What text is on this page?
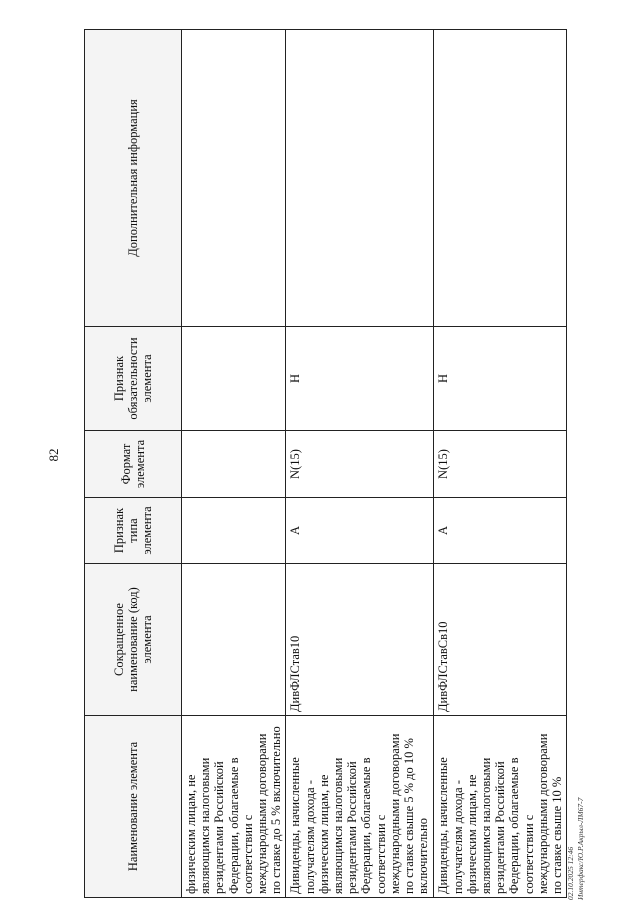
82
Наименование элемента	Сокращенное наименование (код) элемента	Признак типа элемента	Формат элемента	Признак обязательности элемента	Дополнительная информация
физическим лицам, не являющимся налоговыми резидентами Российской Федерации, облагаемые в соответствии с международными договорами по ставке до 5 % включительно					
Дивиденды, начисленные получателям дохода - физическим лицам, не являющимся налоговыми резидентами Российской Федерации, облагаемые в соответствии с международными договорами по ставке свыше 5 % до 10 % включительно	ДивФЛСтав10	А	N(15)	Н	
Дивиденды, начисленные получателям дохода - физическим лицам, не являющимся налоговыми резидентами Российской Федерации, облагаемые в соответствии с международными договорами по ставке свыше 10 %	ДивФЛСтавСв10	А	N(15)	Н	
02.10.2025 12:46 Интерфакс/Ю.Р.Акрыл-ЛМ67-7
